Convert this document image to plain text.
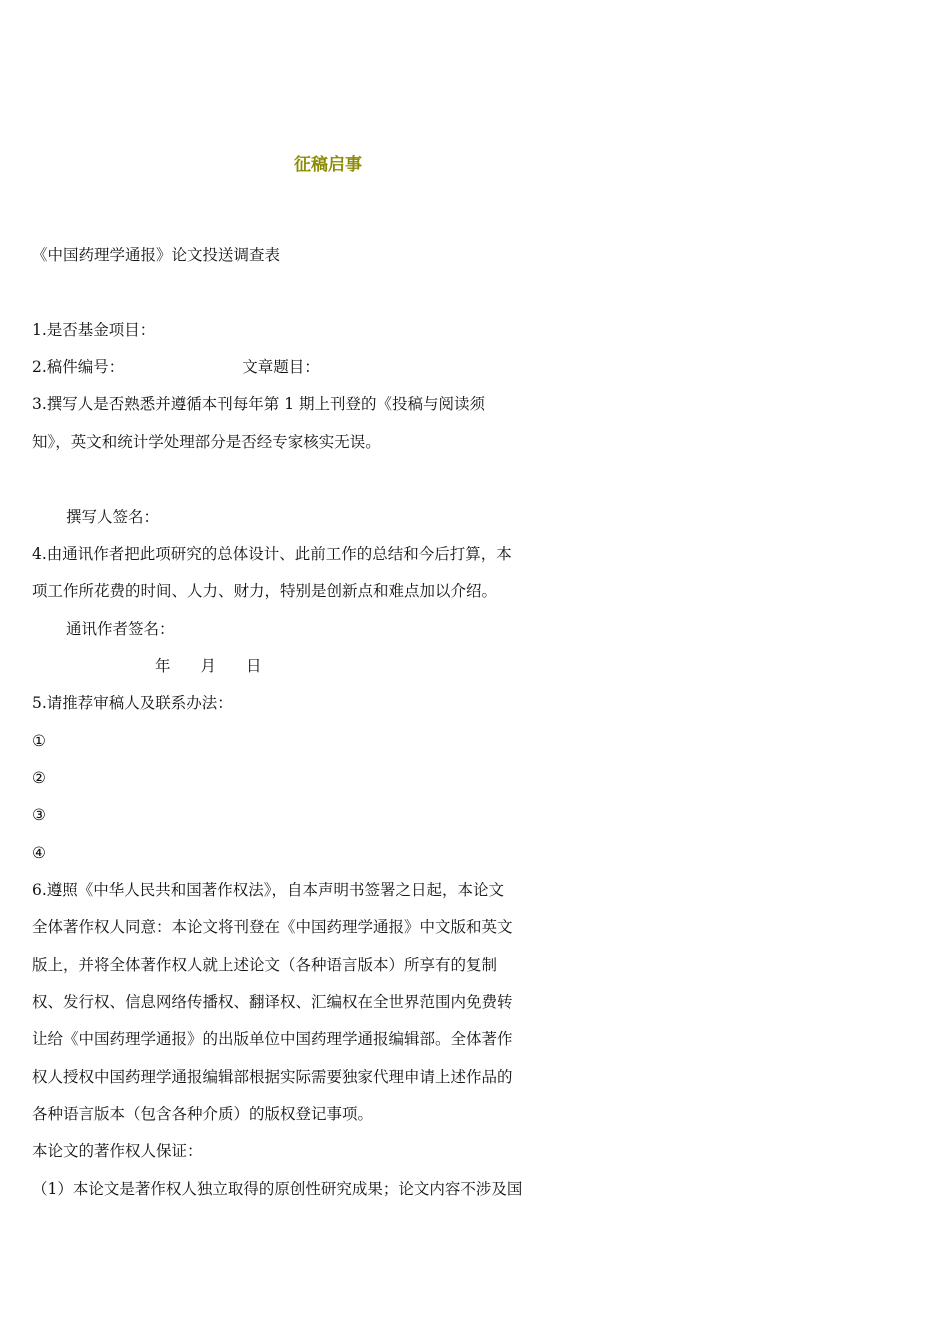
征稿启事
《中国药理学通报》论文投送调查表
1.是否基金项目：
2.稿件编号：	文章题目：
3.撰写人是否熟悉并遵循本刊每年第 1 期上刊登的《投稿与阅读须
知》，英文和统计学处理部分是否经专家核实无误。
撰写人签名：
4.由通讯作者把此项研究的总体设计、此前工作的总结和今后打算，本
项工作所花费的时间、人力、财力，特别是创新点和难点加以介绍。
通讯作者签名：
年 月 日
5.请推荐审稿人及联系办法：
①
②
③
④
6.遵照《中华人民共和国著作权法》，自本声明书签署之日起，本论文
全体著作权人同意：本论文将刊登在《中国药理学通报》中文版和英文
版上，并将全体著作权人就上述论文（各种语言版本）所享有的复制
权、发行权、信息网络传播权、翻译权、汇编权在全世界范围内免费转
让给《中国药理学通报》的出版单位中国药理学通报编辑部。全体著作
权人授权中国药理学通报编辑部根据实际需要独家代理申请上述作品的
各种语言版本（包含各种介质）的版权登记事项。
本论文的著作权人保证：
（1）本论文是著作权人独立取得的原创性研究成果；论文内容不涉及国
